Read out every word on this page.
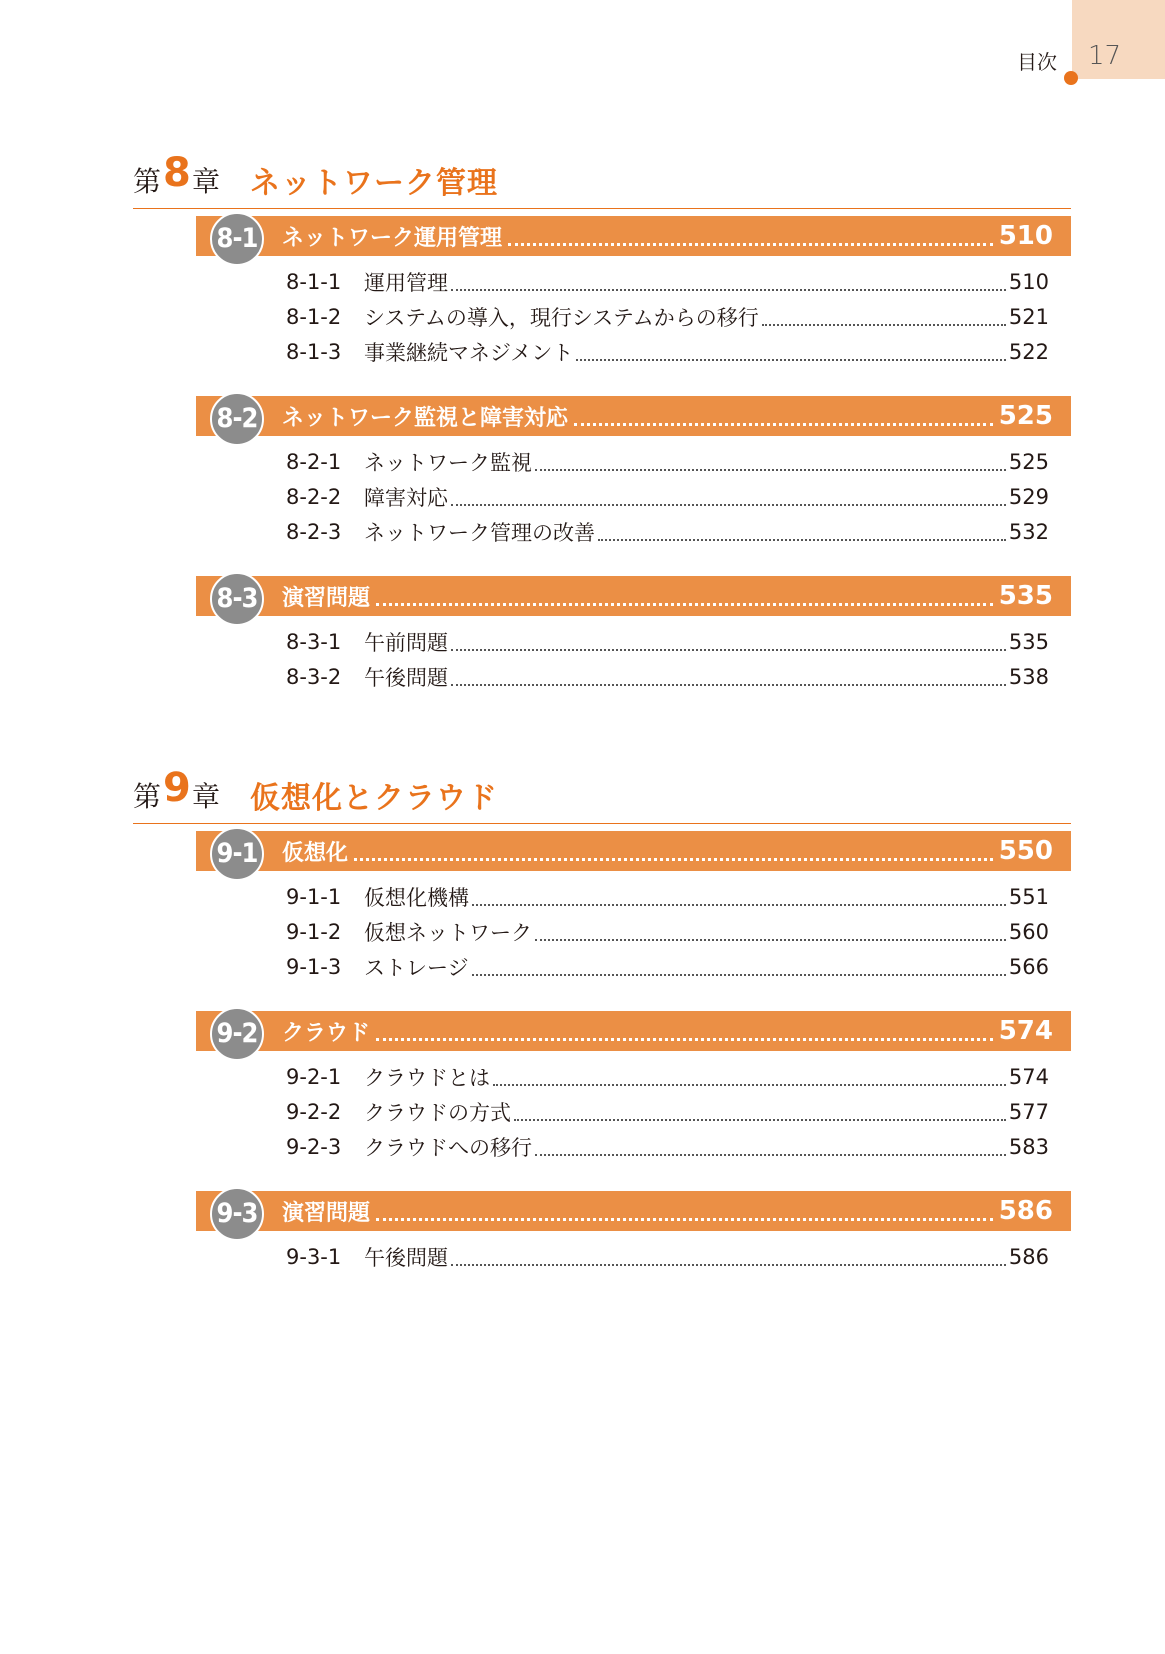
目次 17
第 8 章 ネットワーク管理
8-1 ネットワーク運用管理	510
8-1-1	運用管理	510
8-1-2	システムの導入，現行システムからの移行	521
8-1-3	事業継続マネジメント	522
8-2 ネットワーク監視と障害対応	525
8-2-1	ネットワーク監視	525
8-2-2	障害対応	529
8-2-3	ネットワーク管理の改善	532
8-3 演習問題	535
8-3-1	午前問題	535
8-3-2	午後問題	538
第 9 章 仮想化とクラウド
9-1 仮想化	550
9-1-1	仮想化機構	551
9-1-2	仮想ネットワーク	560
9-1-3	ストレージ	566
9-2 クラウド	574
9-2-1	クラウドとは	574
9-2-2	クラウドの方式	577
9-2-3	クラウドへの移行	583
9-3 演習問題	586
9-3-1	午後問題	586
